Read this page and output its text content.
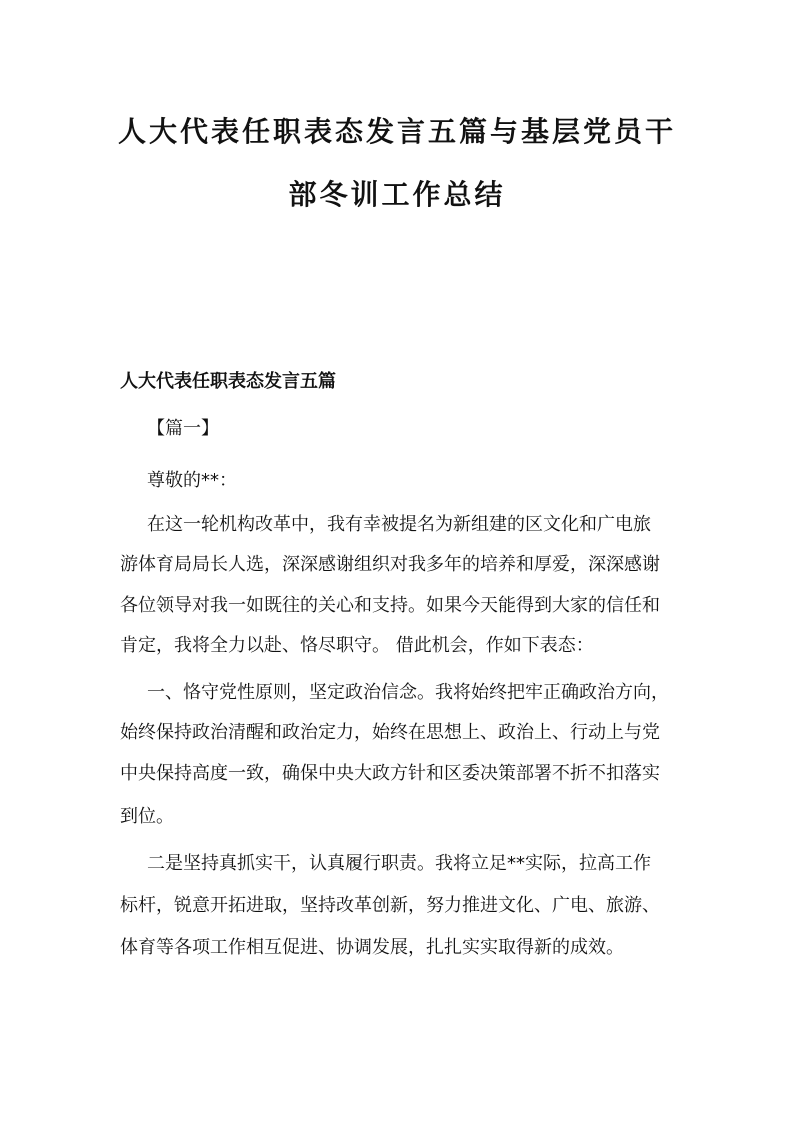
人大代表任职表态发言五篇与基层党员干
部冬训工作总结
人大代表任职表态发言五篇
【篇一】
尊敬的**：
在这一轮机构改革中，我有幸被提名为新组建的区文化和广电旅
游体育局局长人选，深深感谢组织对我多年的培养和厚爱，深深感谢
各位领导对我一如既往的关心和支持。如果今天能得到大家的信任和
肯定，我将全力以赴、恪尽职守。 借此机会，作如下表态：
一、恪守党性原则，坚定政治信念。我将始终把牢正确政治方向，
始终保持政治清醒和政治定力，始终在思想上、政治上、行动上与党
中央保持高度一致，确保中央大政方针和区委决策部署不折不扣落实
到位。
二是坚持真抓实干，认真履行职责。我将立足**实际，拉高工作
标杆，锐意开拓进取，坚持改革创新，努力推进文化、广电、旅游、
体育等各项工作相互促进、协调发展，扎扎实实取得新的成效。
